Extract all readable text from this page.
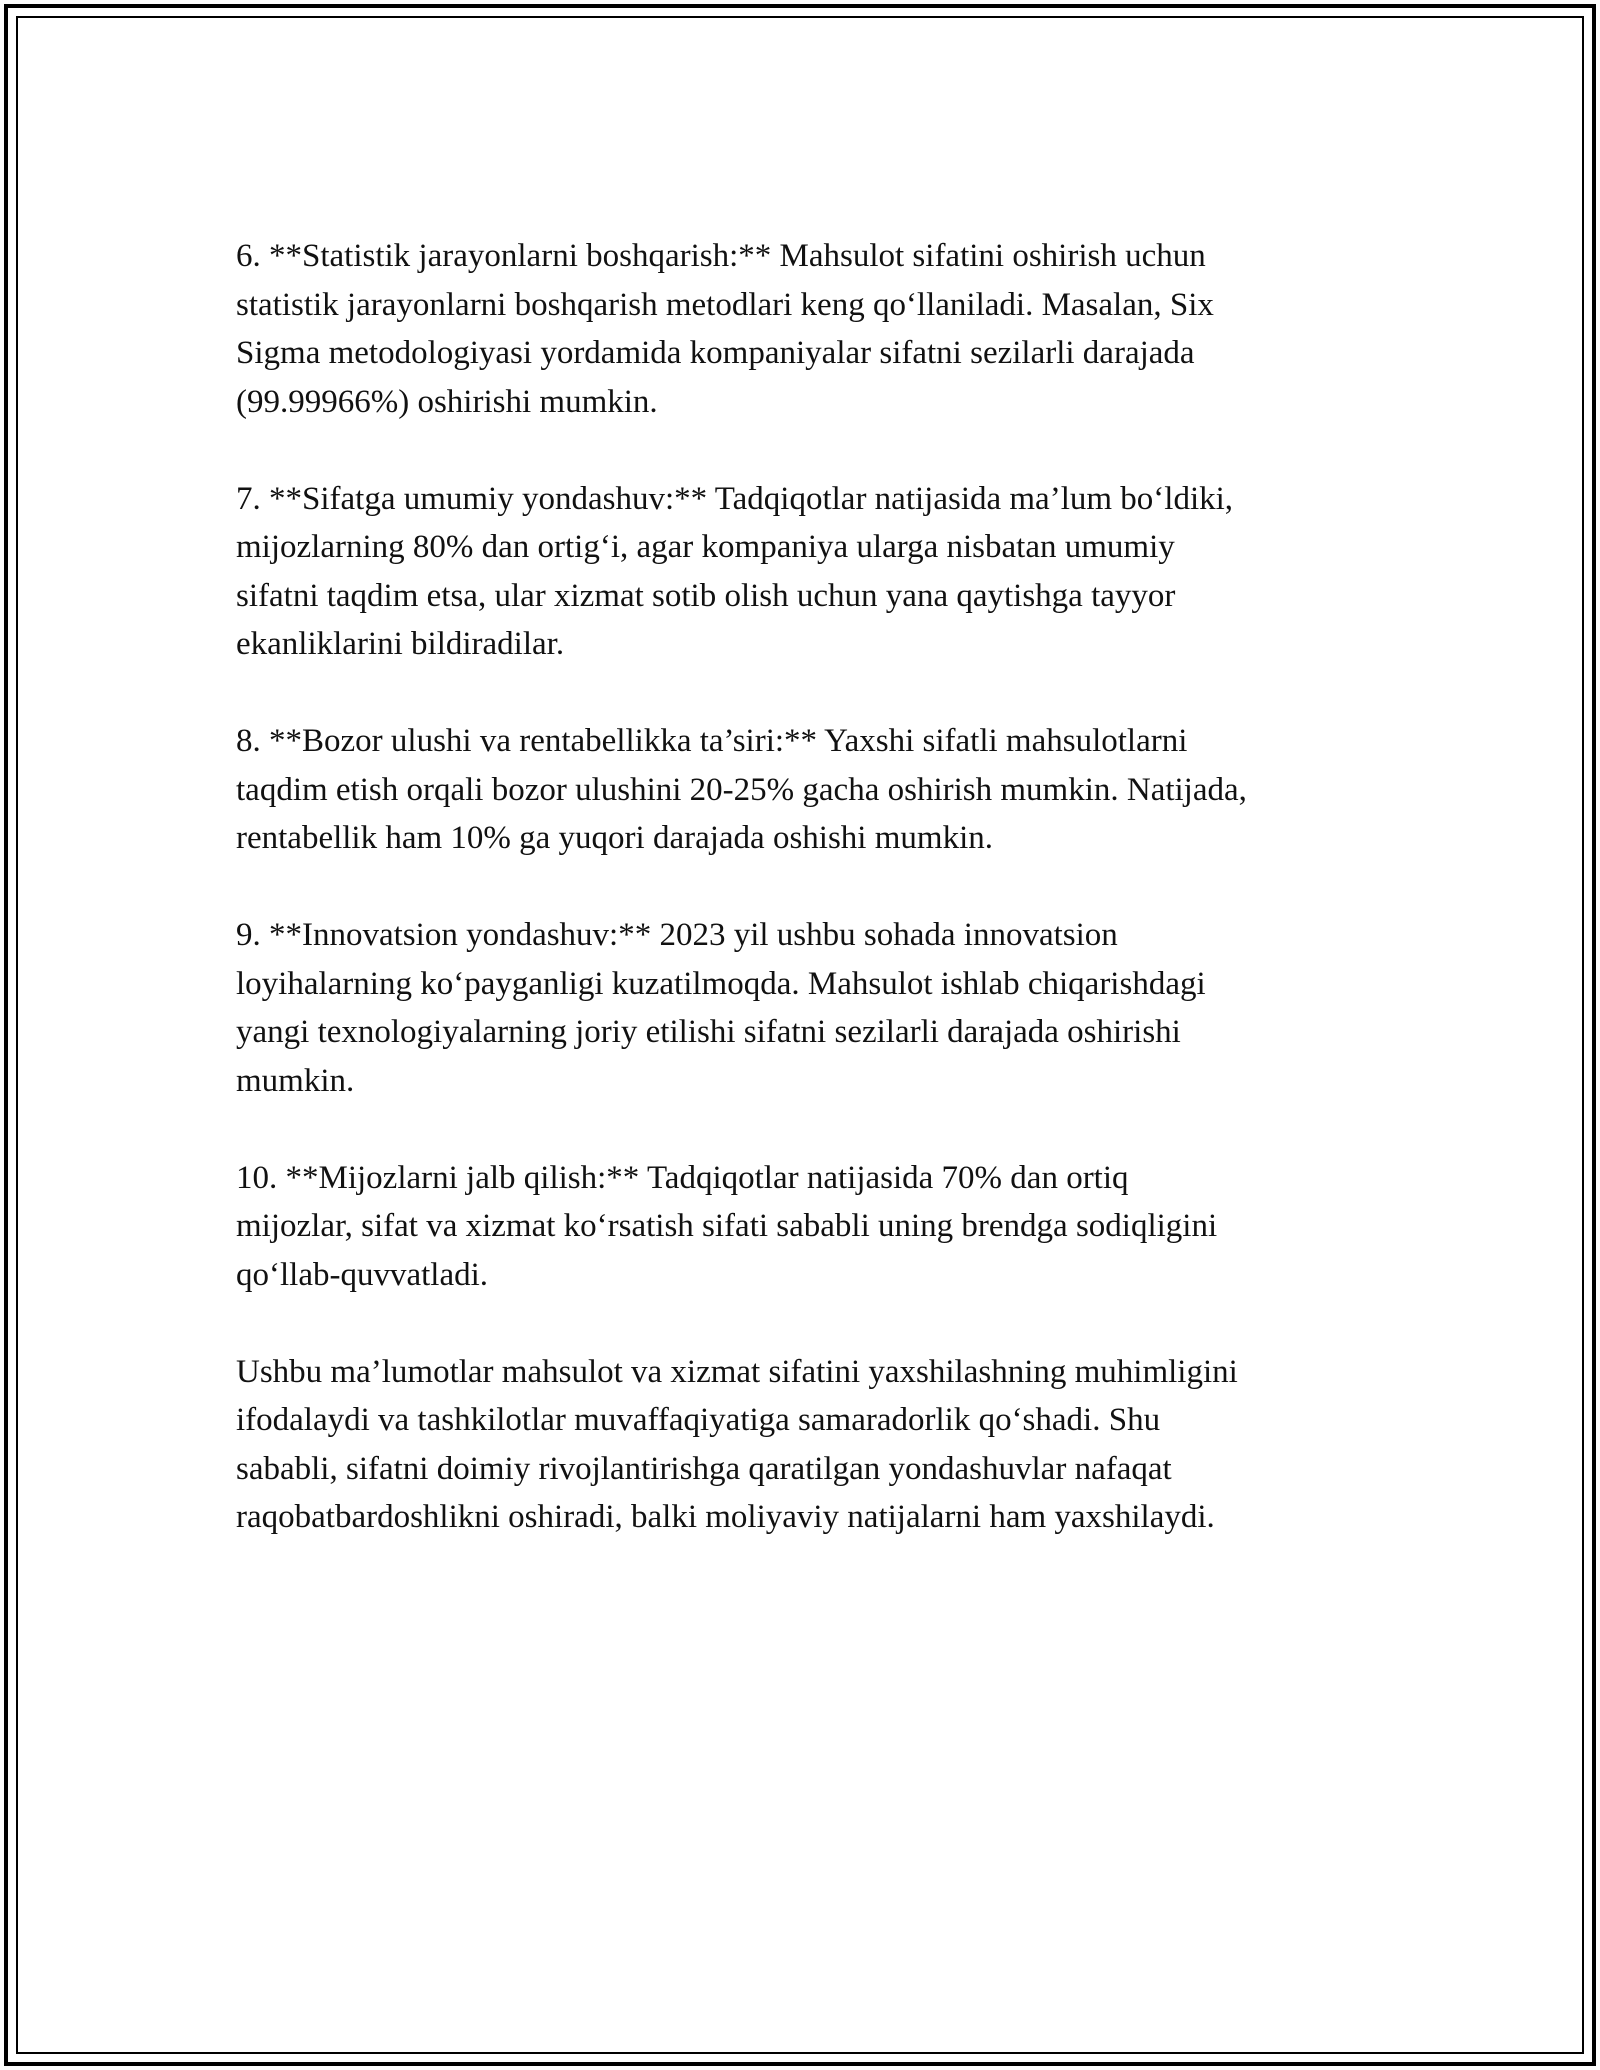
6. **Statistik jarayonlarni boshqarish:** Mahsulot sifatini oshirish uchun
statistik jarayonlarni boshqarish metodlari keng qo‘llaniladi. Masalan, Six
Sigma metodologiyasi yordamida kompaniyalar sifatni sezilarli darajada
(99.99966%) oshirishi mumkin.

7. **Sifatga umumiy yondashuv:** Tadqiqotlar natijasida ma’lum bo‘ldiki,
mijozlarning 80% dan ortig‘i, agar kompaniya ularga nisbatan umumiy
sifatni taqdim etsa, ular xizmat sotib olish uchun yana qaytishga tayyor
ekanliklarini bildiradilar.

8. **Bozor ulushi va rentabellikka ta’siri:** Yaxshi sifatli mahsulotlarni
taqdim etish orqali bozor ulushini 20-25% gacha oshirish mumkin. Natijada,
rentabellik ham 10% ga yuqori darajada oshishi mumkin.

9. **Innovatsion yondashuv:** 2023 yil ushbu sohada innovatsion
loyihalarning ko‘payganligi kuzatilmoqda. Mahsulot ishlab chiqarishdagi
yangi texnologiyalarning joriy etilishi sifatni sezilarli darajada oshirishi
mumkin.

10. **Mijozlarni jalb qilish:** Tadqiqotlar natijasida 70% dan ortiq
mijozlar, sifat va xizmat ko‘rsatish sifati sababli uning brendga sodiqligini
qo‘llab-quvvatladi.

Ushbu ma’lumotlar mahsulot va xizmat sifatini yaxshilashning muhimligini
ifodalaydi va tashkilotlar muvaffaqiyatiga samaradorlik qo‘shadi. Shu
sababli, sifatni doimiy rivojlantirishga qaratilgan yondashuvlar nafaqat
raqobatbardoshlikni oshiradi, balki moliyaviy natijalarni ham yaxshilaydi.
